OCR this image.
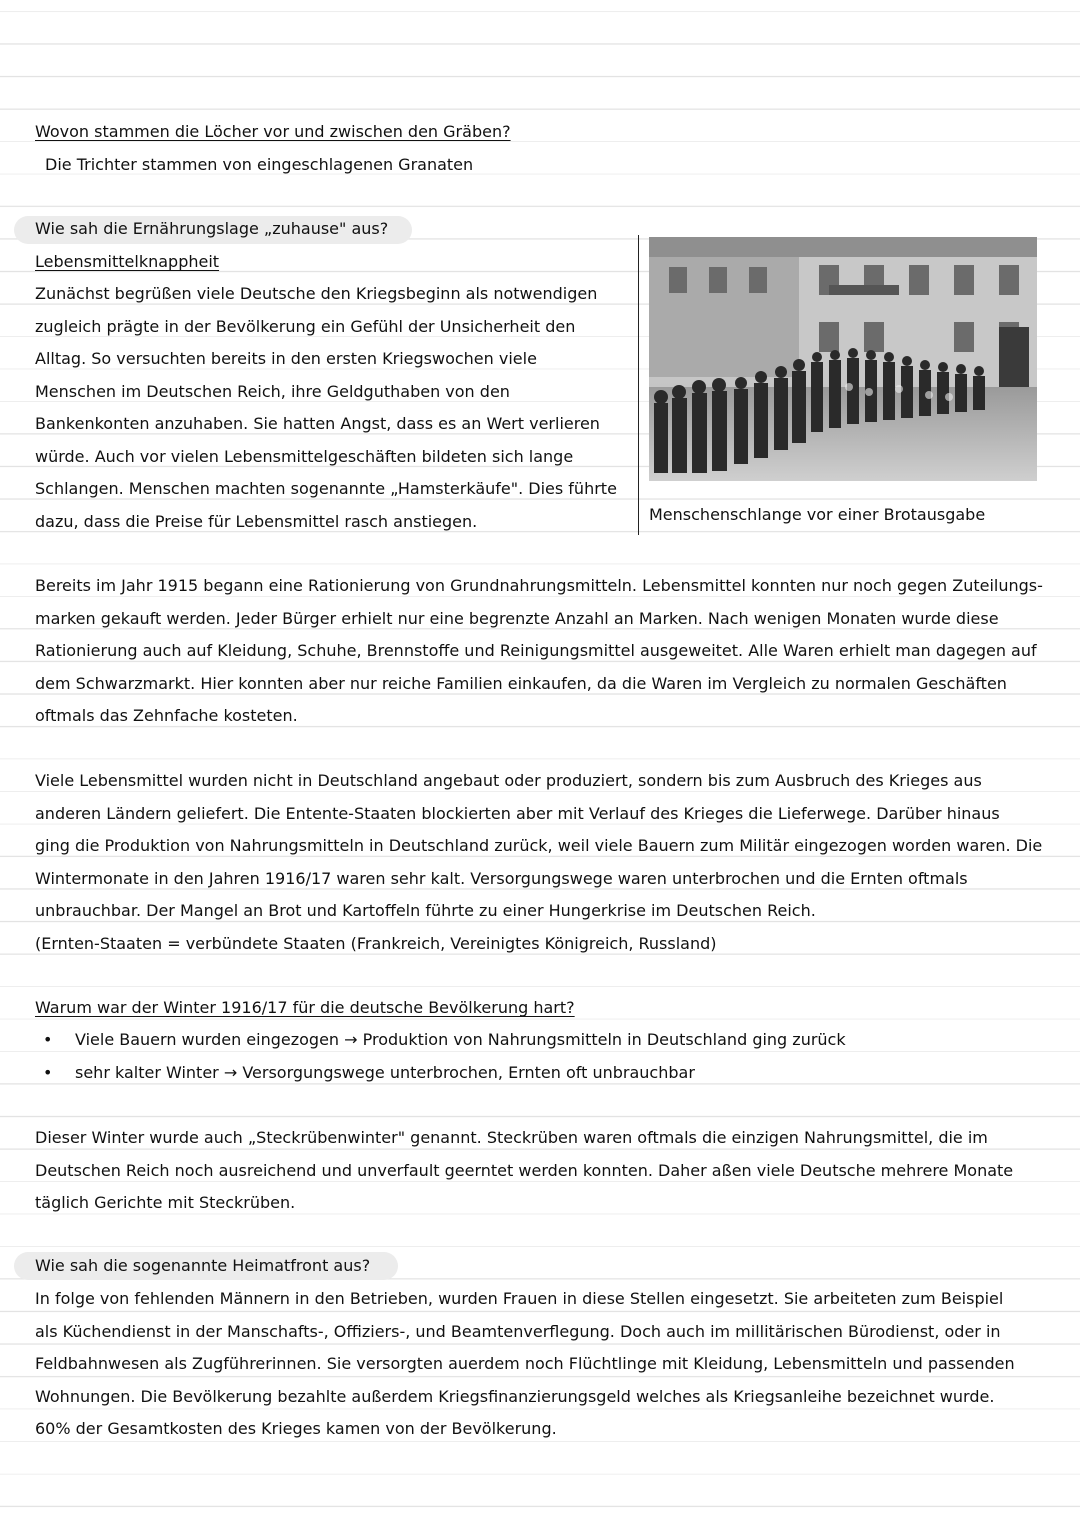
Wovon stammen die Löcher vor und zwischen den Gräben?
Die Trichter stammen von eingeschlagenen Granaten
Wie sah die Ernährungslage „zuhause" aus?
Lebensmittelknappheit
Zunächst begrüßen viele Deutsche den Kriegsbeginn als notwendigen
zugleich prägte in der Bevölkerung ein Gefühl der Unsicherheit den
Alltag. So versuchten bereits in den ersten Kriegswochen viele
Menschen im Deutschen Reich, ihre Geldguthaben von den
Bankenkonten anzuhaben. Sie hatten Angst, dass es an Wert verlieren
würde. Auch vor vielen Lebensmittelgeschäften bildeten sich lange
Schlangen. Menschen machten sogenannte „Hamsterkäufe". Dies führte
dazu, dass die Preise für Lebensmittel rasch anstiegen.	Menschenschlange vor einer Brotausgabe
Bereits im Jahr 1915 begann eine Rationierung von Grundnahrungsmitteln. Lebensmittel konnten nur noch gegen Zuteilungs-
marken gekauft werden. Jeder Bürger erhielt nur eine begrenzte Anzahl an Marken. Nach wenigen Monaten wurde diese
Rationierung auch auf Kleidung, Schuhe, Brennstoffe und Reinigungsmittel ausgeweitet. Alle Waren erhielt man dagegen auf
dem Schwarzmarkt. Hier konnten aber nur reiche Familien einkaufen, da die Waren im Vergleich zu normalen Geschäften
oftmals das Zehnfache kosteten.
Viele Lebensmittel wurden nicht in Deutschland angebaut oder produziert, sondern bis zum Ausbruch des Krieges aus
anderen Ländern geliefert. Die Entente-Staaten blockierten aber mit Verlauf des Krieges die Lieferwege. Darüber hinaus
ging die Produktion von Nahrungsmitteln in Deutschland zurück, weil viele Bauern zum Militär eingezogen worden waren. Die
Wintermonate in den Jahren 1916/17 waren sehr kalt. Versorgungswege waren unterbrochen und die Ernten oftmals
unbrauchbar. Der Mangel an Brot und Kartoffeln führte zu einer Hungerkrise im Deutschen Reich.
(Ernten-Staaten = verbündete Staaten (Frankreich, Vereinigtes Königreich, Russland)
Warum war der Winter 1916/17 für die deutsche Bevölkerung hart?
• Viele Bauern wurden eingezogen → Produktion von Nahrungsmitteln in Deutschland ging zurück
• sehr kalter Winter → Versorgungswege unterbrochen, Ernten oft unbrauchbar
Dieser Winter wurde auch „Steckrübenwinter" genannt. Steckrüben waren oftmals die einzigen Nahrungsmittel, die im
Deutschen Reich noch ausreichend und unverfault geerntet werden konnten. Daher aßen viele Deutsche mehrere Monate
täglich Gerichte mit Steckrüben.
Wie sah die sogenannte Heimatfront aus?
In folge von fehlenden Männern in den Betrieben, wurden Frauen in diese Stellen eingesetzt. Sie arbeiteten zum Beispiel
als Küchendienst in der Manschafts-, Offiziers-, und Beamtenverflegung. Doch auch im millitärischen Bürodienst, oder in
Feldbahnwesen als Zugführerinnen. Sie versorgten auerdem noch Flüchtlinge mit Kleidung, Lebensmitteln und passenden
Wohnungen. Die Bevölkerung bezahlte außerdem Kriegsfinanzierungsgeld welches als Kriegsanleihe bezeichnet wurde.
60% der Gesamtkosten des Krieges kamen von der Bevölkerung.
